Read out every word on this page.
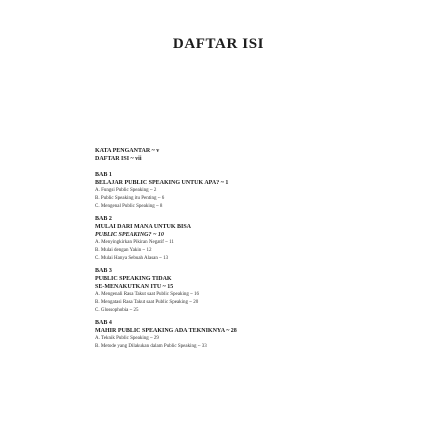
DAFTAR ISI
KATA PENGANTAR ~ v
DAFTAR ISI ~ vii
BAB 1
BELAJAR PUBLIC SPEAKING UNTUK APA? ~ 1
A. Fungsi Public Speaking ~ 2
B. Public Speaking itu Penting ~ 6
C. Mengenal Public Speaking ~ 8
BAB 2
MULAI DARI MANA UNTUK BISA
PUBLIC SPEAKING? ~ 10
A. Menyingkirkan Pikiran Negatif ~ 11
B. Mulai dengan Yakin ~ 12
C. Mulai Hanya Sebuah Alasan ~ 13
BAB 3
PUBLIC SPEAKING TIDAK
SE-MENAKUTKAN ITU ~ 15
A. Mengenali Rasa Takut saat Public Speaking ~ 16
B. Mengatasi Rasa Takut saat Public Speaking ~ 20
C. Glossophobia ~ 25
BAB 4
MAHIR PUBLIC SPEAKING ADA TEKNIKNYA ~ 28
A. Teknik Public Speaking ~ 29
B. Metode yang Dilakukan dalam Public Speaking ~ 33
